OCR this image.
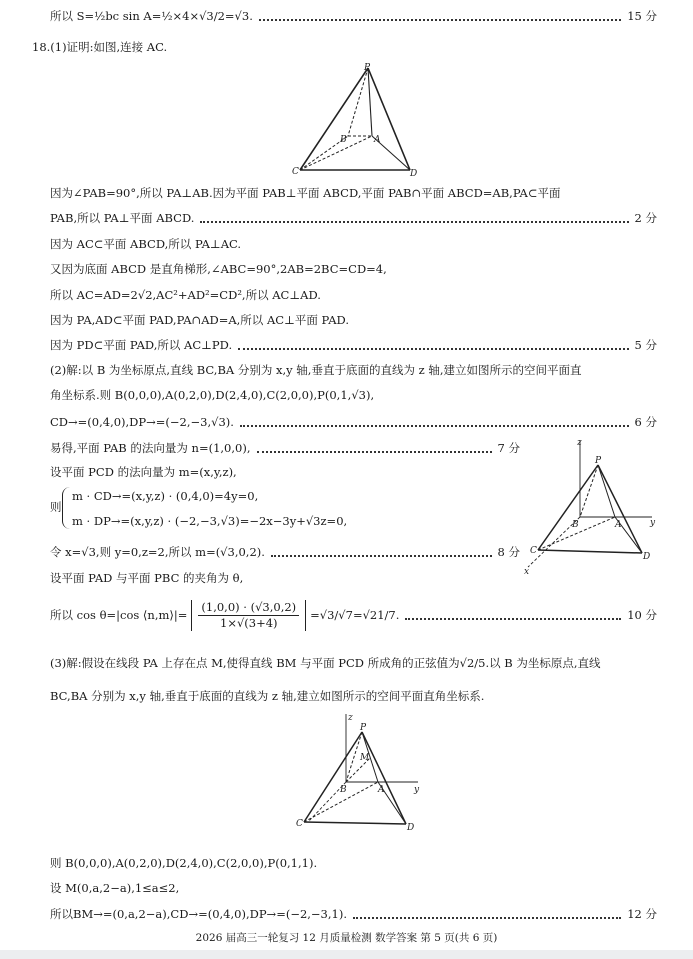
所以 S=½bc sin A=½×4×√3/2=√3.	15 分
18.(1)证明:如图,连接 AC.
P
B	A
C	D
因为∠PAB=90°,所以 PA⊥AB.因为平面 PAB⊥平面 ABCD,平面 PAB∩平面 ABCD=AB,PA⊂平面
PAB,所以 PA⊥平面 ABCD.	2 分
因为 AC⊂平面 ABCD,所以 PA⊥AC.
又因为底面 ABCD 是直角梯形,∠ABC=90°,2AB=2BC=CD=4,
所以 AC=AD=2√2,AC²+AD²=CD²,所以 AC⊥AD.
因为 PA,AD⊂平面 PAD,PA∩AD=A,所以 AC⊥平面 PAD.
因为 PD⊂平面 PAD,所以 AC⊥PD.	5 分
(2)解:以 B 为坐标原点,直线 BC,BA 分别为 x,y 轴,垂直于底面的直线为 z 轴,建立如图所示的空间平面直
角坐标系.则 B(0,0,0),A(0,2,0),D(2,4,0),C(2,0,0),P(0,1,√3),
CD→=(0,4,0),DP→=(−2,−3,√3).	6 分
易得,平面 PAB 的法向量为 n=(1,0,0),	7 分
设平面 PCD 的法向量为 m=(x,y,z),
则
m · CD→=(x,y,z) · (0,4,0)=4y=0,
m · DP→=(x,y,z) · (−2,−3,√3)=−2x−3y+√3z=0,
令 x=√3,则 y=0,z=2,所以 m=(√3,0,2).	8 分
设平面 PAD 与平面 PBC 的夹角为 θ,
z
P
B	A	y
C
D
x
所以 cos θ=|cos ⟨n,m⟩|= $\frac{(1,0,0) \cdot (√3,0,2)}{1\times√(3+4)} =√3/√7=√21/7$.	10 分
(3)解:假设在线段 PA 上存在点 M,使得直线 BM 与平面 PCD 所成角的正弦值为√2/5.以 B 为坐标原点,直线
BC,BA 分别为 x,y 轴,垂直于底面的直线为 z 轴,建立如图所示的空间平面直角坐标系.
z
P
M
B	A	y
C	D
则 B(0,0,0),A(0,2,0),D(2,4,0),C(2,0,0),P(0,1,1).
设 M(0,a,2−a),1≤a≤2,
所以BM→=(0,a,2−a),CD→=(0,4,0),DP→=(−2,−3,1).	12 分
2026 届高三一轮复习 12 月质量检测 数学答案 第 5 页(共 6 页)
